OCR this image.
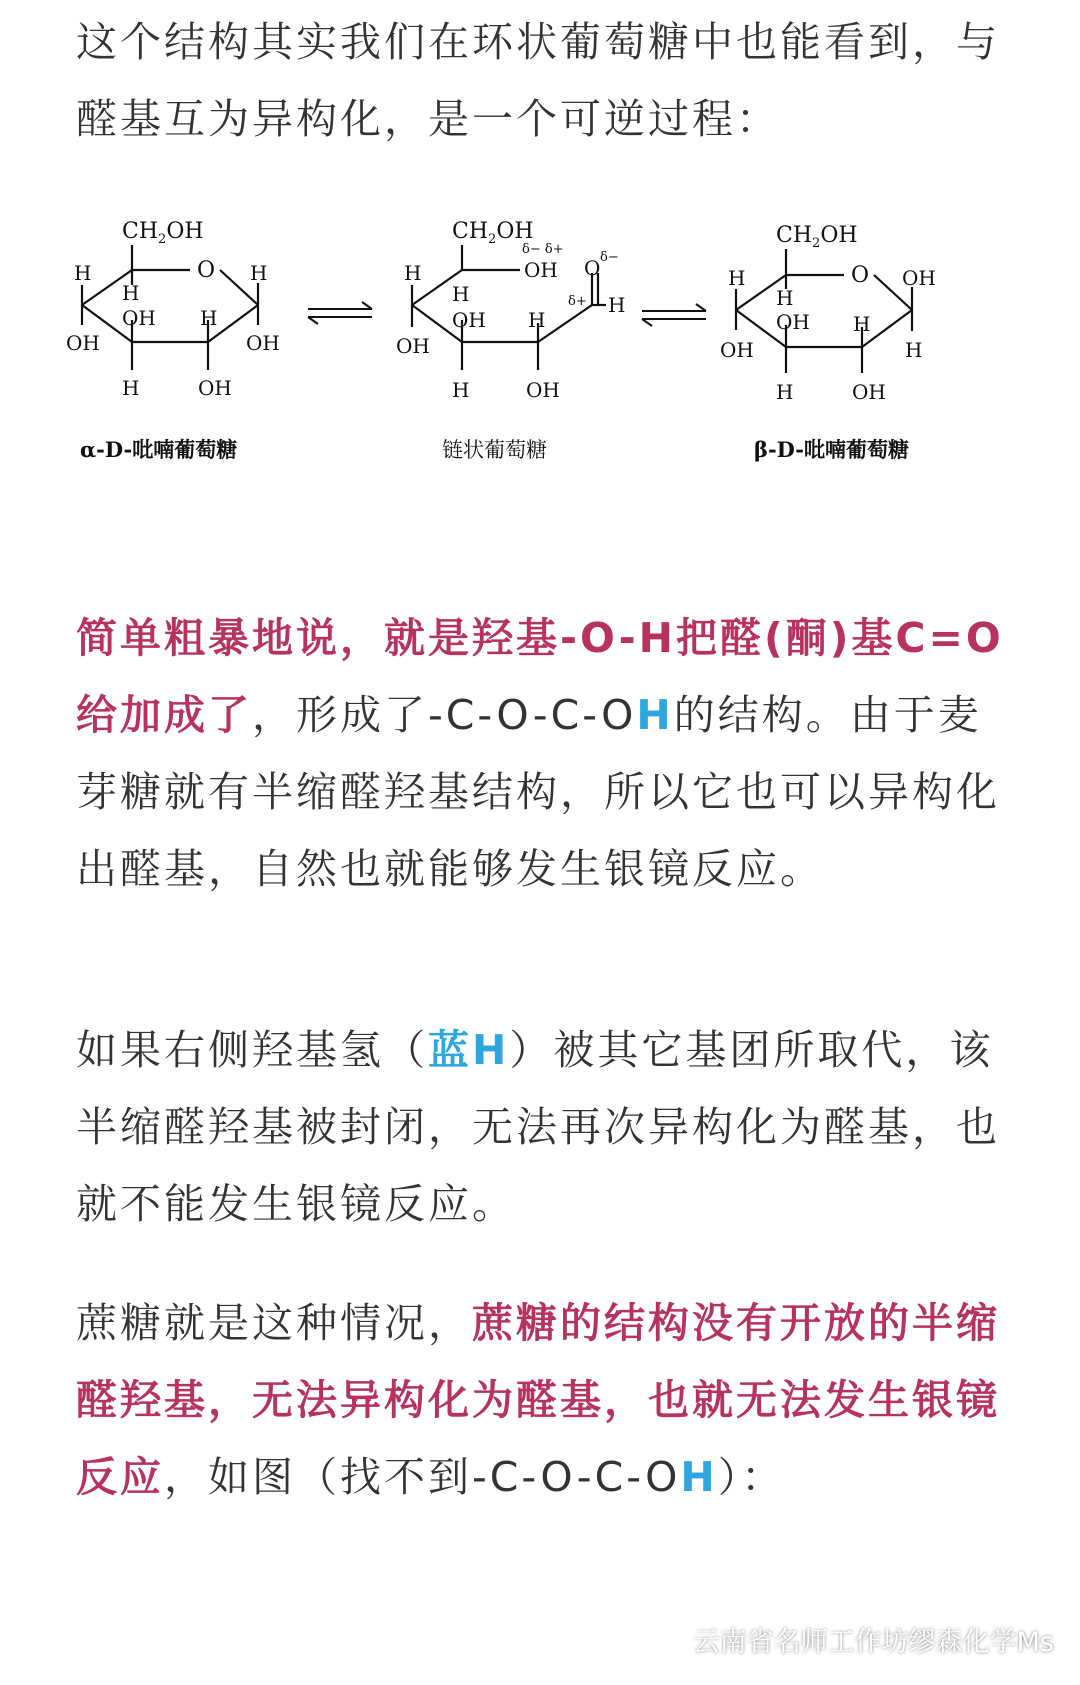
这个结构其实我们在环状葡萄糖中也能看到，与醛基互为异构化，是一个可逆过程：

$CH_2OH$
O
H
H
H
OH H
OH	OH
H	OH
$CH_2OH$
δ− δ+
OH O δ−
δ+ H
H
H
OH H
OH
H	OH
$CH_2OH$
O
H
H
OH
OH H
OH	H
H	OH
α-D-吡喃葡萄糖	链状葡萄糖	β-D-吡喃葡萄糖

简单粗暴地说，就是羟基-O-H把醛(酮)基C=O给加成了，形成了-C-O-C-OH的结构。由于麦芽糖就有半缩醛羟基结构，所以它也可以异构化出醛基，自然也就能够发生银镜反应。

如果右侧羟基氢（蓝H）被其它基团所取代，该半缩醛羟基被封闭，无法再次异构化为醛基，也就不能发生银镜反应。

蔗糖就是这种情况，蔗糖的结构没有开放的半缩醛羟基，无法异构化为醛基，也就无法发生银镜反应，如图（找不到-C-O-C-OH）：

云南省名师工作坊缪森化学Ms
